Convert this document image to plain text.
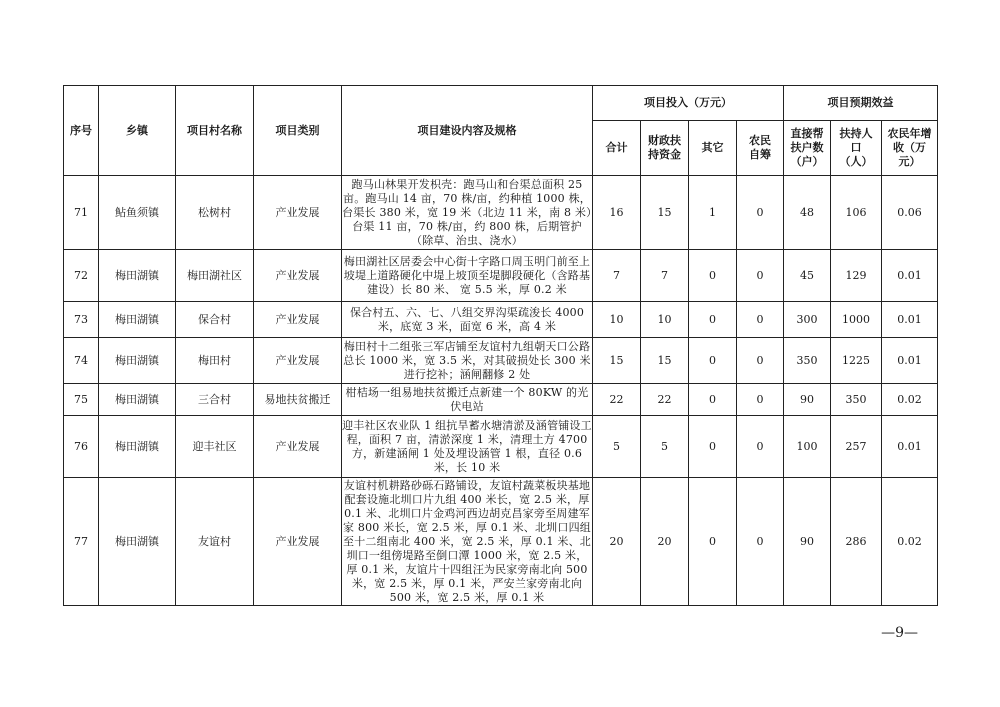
序号	乡镇	项目村名称	项目类别	项目建设内容及规格	项目投入（万元）				项目预期效益		
					合计	财政扶持资金	其它	农民自筹	直接帮扶户数（户）	扶持人口（人）	农民年增收（万元）
71	鲇鱼须镇	松树村	产业发展	跑马山林果开发枳壳：跑马山和台渠总面积 25 亩。跑马山 14 亩，70 株/亩，约种植 1000 株，台渠长 380 米，宽 19 米（北边 11 米，南 8 米）台渠 11 亩，70 株/亩，约 800 株，后期管护（除草、治虫、浇水）	16	15	1	0	48	106	0.06
72	梅田湖镇	梅田湖社区	产业发展	梅田湖社区居委会中心街十字路口周玉明门前至上坡堤上道路硬化中堤上坡顶至堤脚段硬化（含路基建设）长 80 米、 宽 5.5 米，厚 0.2 米	7	7	0	0	45	129	0.01
73	梅田湖镇	保合村	产业发展	保合村五、六、七、八组交界沟渠疏浚长 4000 米，底宽 3 米，面宽 6 米，高 4 米	10	10	0	0	300	1000	0.01
74	梅田湖镇	梅田村	产业发展	梅田村十二组张三军店铺至友谊村九组朝天口公路总长 1000 米，宽 3.5 米，对其破损处长 300 米进行挖补；涵闸翻修 2 处	15	15	0	0	350	1225	0.01
75	梅田湖镇	三合村	易地扶贫搬迁	柑桔场一组易地扶贫搬迁点新建一个 80KW 的光伏电站	22	22	0	0	90	350	0.02
76	梅田湖镇	迎丰社区	产业发展	迎丰社区农业队 1 组抗旱蓄水塘清淤及涵管铺设工程，面积 7 亩，清淤深度 1 米，清理土方 4700 方，新建涵闸 1 处及埋设涵管 1 根，直径 0.6 米，长 10 米	5	5	0	0	100	257	0.01
77	梅田湖镇	友谊村	产业发展	友谊村机耕路砂砾石路铺设，友谊村蔬菜板块基地配套设施北圳口片九组 400 米长，宽 2.5 米，厚 0.1 米、北圳口片金鸡河西边胡克昌家旁至周建军家 800 米长，宽 2.5 米，厚 0.1 米、北圳口四组至十二组南北 400 米，宽 2.5 米，厚 0.1 米、北圳口一组傍堤路至倒口潭 1000 米，宽 2.5 米，厚 0.1 米，友谊片十四组汪为民家旁南北向 500 米，宽 2.5 米，厚 0.1 米，严安兰家旁南北向 500 米，宽 2.5 米，厚 0.1 米	20	20	0	0	90	286	0.02
—9—
